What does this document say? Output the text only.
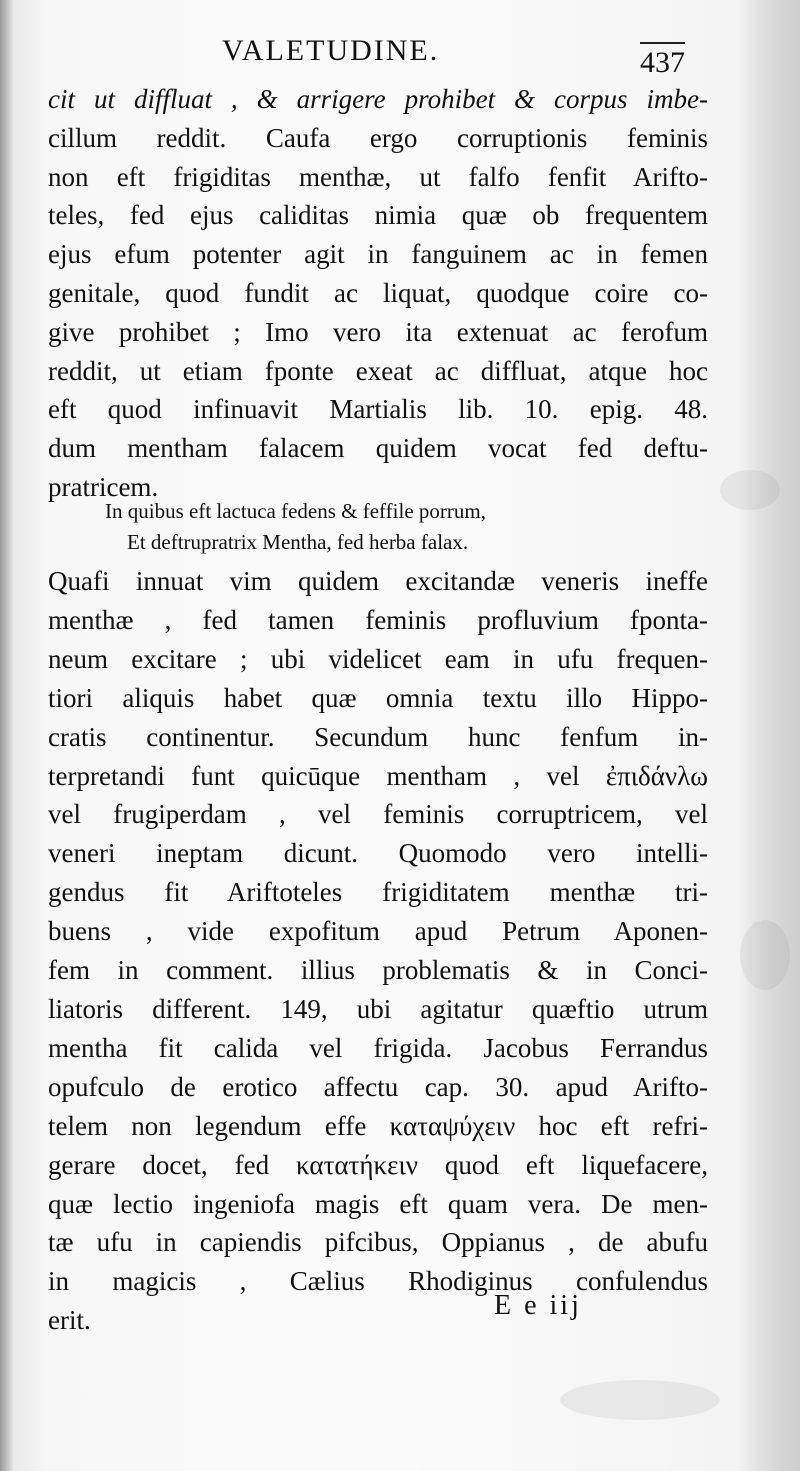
VALETUDINE.	437
cit ut diffluat , & arrigere prohibet & corpus imbe-
cillum reddit. Caufa ergo corruptionis feminis
non eft frigiditas menthæ, ut falfo fenfit Arifto-
teles, fed ejus caliditas nimia quæ ob frequentem
ejus efum potenter agit in fanguinem ac in femen
genitale, quod fundit ac liquat, quodque coire co-
give prohibet ; Imo vero ita extenuat ac ferofum
reddit, ut etiam fponte exeat ac diffluat, atque hoc
eft quod infinuavit Martialis lib. 10. epig. 48.
dum mentham falacem quidem vocat fed deftu-
pratricem.
In quibus eft lactuca fedens & feffile porrum,
Et deftrupratrix Mentha, fed herba falax.
Quafi innuat vim quidem excitandæ veneris ineffe
menthæ , fed tamen feminis profluvium fponta-
neum excitare ; ubi videlicet eam in ufu frequen-
tiori aliquis habet quæ omnia textu illo Hippo-
cratis continentur. Secundum hunc fenfum in-
terpretandi funt quicūque mentham , vel ἐπιδάνλω
vel frugiperdam , vel feminis corruptricem, vel
veneri ineptam dicunt. Quomodo vero intelli-
gendus fit Ariftoteles frigiditatem menthæ tri-
buens , vide expofitum apud Petrum Aponen-
fem in comment. illius problematis & in Conci-
liatoris different. 149, ubi agitatur quæftio utrum
mentha fit calida vel frigida. Jacobus Ferrandus
opufculo de erotico affectu cap. 30. apud Arifto-
telem non legendum effe καταψύχειν hoc eft refri-
gerare docet, fed κατατήκειν quod eft liquefacere,
quæ lectio ingeniofa magis eft quam vera. De men-
tæ ufu in capiendis pifcibus, Oppianus , de abufu
in magicis , Cælius Rhodiginus confulendus
erit.	E e iij
